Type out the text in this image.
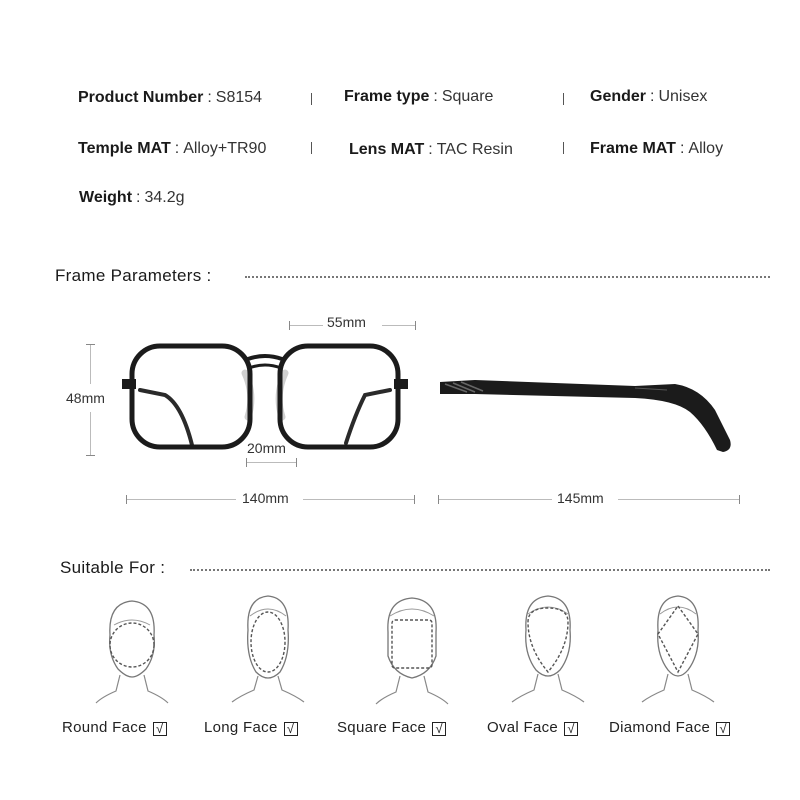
Product Number : S8154	Frame type : Square	Gender : Unisex
Temple MAT : Alloy+TR90	Lens MAT : TAC Resin	Frame MAT : Alloy
Weight : 34.2g
Frame Parameters :
55mm
48mm
20mm
140mm	145mm
Suitable For :
Round Face √	Long Face √	Square Face √	Oval Face √ Diamond Face √
